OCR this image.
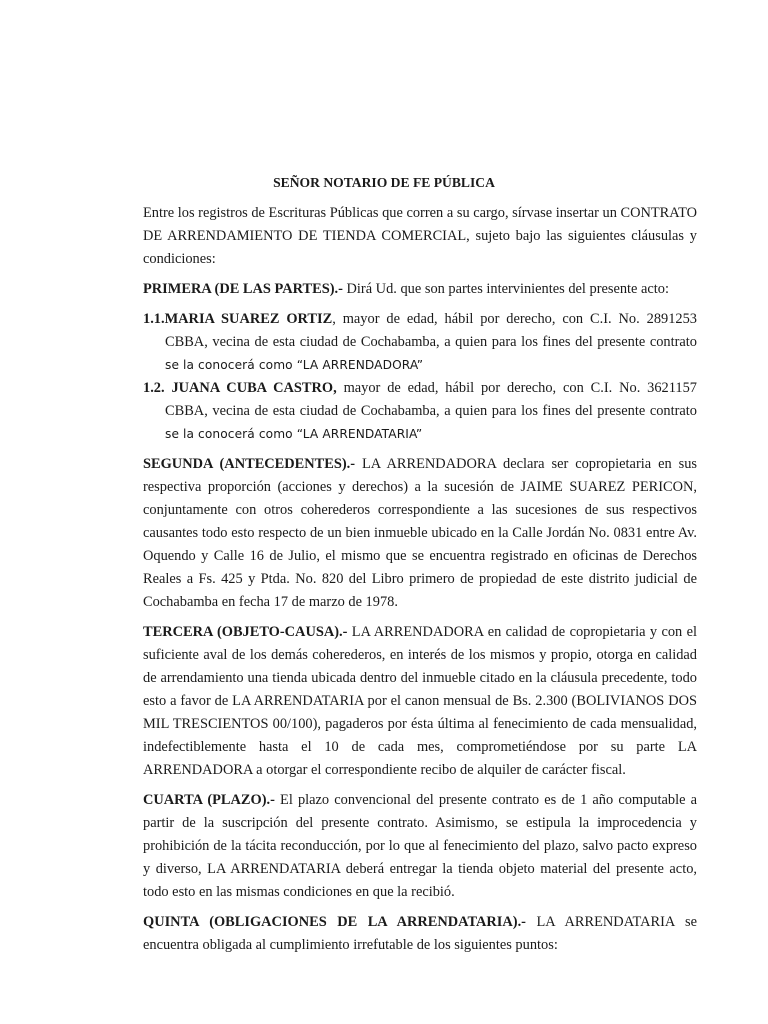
SEÑOR NOTARIO DE FE PÚBLICA

Entre los registros de Escrituras Públicas que corren a su cargo, sírvase insertar un CONTRATO DE ARRENDAMIENTO DE TIENDA COMERCIAL, sujeto bajo las siguientes cláusulas y condiciones:

PRIMERA (DE LAS PARTES).- Dirá Ud. que son partes intervinientes del presente acto:

1.1.MARIA SUAREZ ORTIZ, mayor de edad, hábil por derecho, con C.I. No. 2891253
CBBA, vecina de esta ciudad de Cochabamba, a quien para los fines del presente contrato
se la conocerá como “LA ARRENDADORA”
1.2. JUANA CUBA CASTRO, mayor de edad, hábil por derecho, con C.I. No. 3621157
CBBA, vecina de esta ciudad de Cochabamba, a quien para los fines del presente contrato
se la conocerá como “LA ARRENDATARIA”

SEGUNDA (ANTECEDENTES).- LA ARRENDADORA declara ser copropietaria en sus respectiva proporción (acciones y derechos) a la sucesión de JAIME SUAREZ PERICON, conjuntamente con otros coherederos correspondiente a las sucesiones de sus respectivos causantes todo esto respecto de un bien inmueble ubicado en la Calle Jordán No. 0831 entre Av. Oquendo y Calle 16 de Julio, el mismo que se encuentra registrado en oficinas de Derechos Reales a Fs. 425 y Ptda. No. 820 del Libro primero de propiedad de este distrito judicial de Cochabamba en fecha 17 de marzo de 1978.

TERCERA (OBJETO-CAUSA).- LA ARRENDADORA en calidad de copropietaria y con el suficiente aval de los demás coherederos, en interés de los mismos y propio, otorga en calidad de arrendamiento una tienda ubicada dentro del inmueble citado en la cláusula precedente, todo esto a favor de LA ARRENDATARIA por el canon mensual de Bs. 2.300 (BOLIVIANOS DOS MIL TRESCIENTOS 00/100), pagaderos por ésta última al fenecimiento de cada mensualidad, indefectiblemente hasta el 10 de cada mes, comprometiéndose por su parte LA ARRENDADORA a otorgar el correspondiente recibo de alquiler de carácter fiscal.

CUARTA (PLAZO).- El plazo convencional del presente contrato es de 1 año computable a partir de la suscripción del presente contrato. Asimismo, se estipula la improcedencia y prohibición de la tácita reconducción, por lo que al fenecimiento del plazo, salvo pacto expreso y diverso, LA ARRENDATARIA deberá entregar la tienda objeto material del presente acto, todo esto en las mismas condiciones en que la recibió.

QUINTA (OBLIGACIONES DE LA ARRENDATARIA).- LA ARRENDATARIA se encuentra obligada al cumplimiento irrefutable de los siguientes puntos:
